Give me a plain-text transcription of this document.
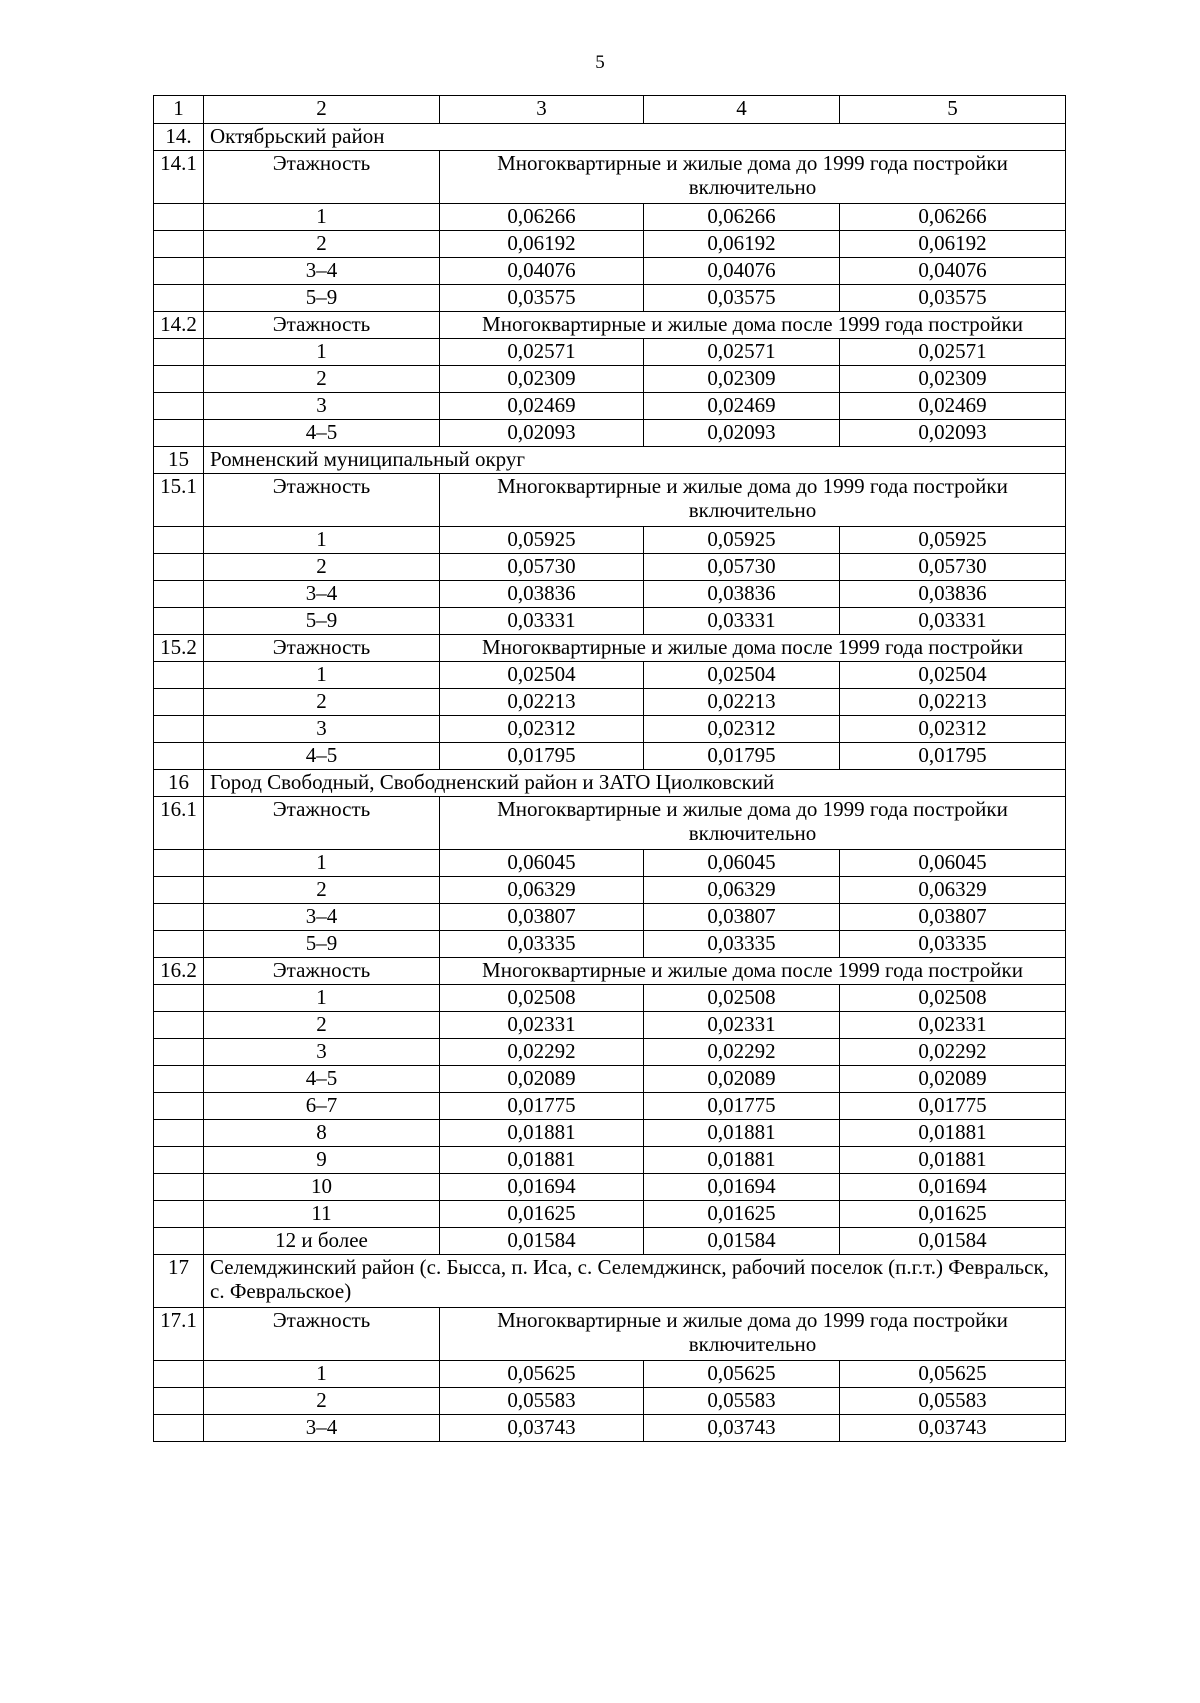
5
1	2	3	4	5
14.	Октябрьский район			
14.1	Этажность	Многоквартирные и жилые дома до 1999 года постройки включительно		
	1	0,06266	0,06266	0,06266
	2	0,06192	0,06192	0,06192
	3–4	0,04076	0,04076	0,04076
	5–9	0,03575	0,03575	0,03575
14.2	Этажность	Многоквартирные и жилые дома после 1999 года постройки		
	1	0,02571	0,02571	0,02571
	2	0,02309	0,02309	0,02309
	3	0,02469	0,02469	0,02469
	4–5	0,02093	0,02093	0,02093
15	Ромненский муниципальный округ			
15.1	Этажность	Многоквартирные и жилые дома до 1999 года постройки включительно		
	1	0,05925	0,05925	0,05925
	2	0,05730	0,05730	0,05730
	3–4	0,03836	0,03836	0,03836
	5–9	0,03331	0,03331	0,03331
15.2	Этажность	Многоквартирные и жилые дома после 1999 года постройки		
	1	0,02504	0,02504	0,02504
	2	0,02213	0,02213	0,02213
	3	0,02312	0,02312	0,02312
	4–5	0,01795	0,01795	0,01795
16	Город Свободный, Свободненский район и ЗАТО Циолковский			
16.1	Этажность	Многоквартирные и жилые дома до 1999 года постройки включительно		
	1	0,06045	0,06045	0,06045
	2	0,06329	0,06329	0,06329
	3–4	0,03807	0,03807	0,03807
	5–9	0,03335	0,03335	0,03335
16.2	Этажность	Многоквартирные и жилые дома после 1999 года постройки		
	1	0,02508	0,02508	0,02508
	2	0,02331	0,02331	0,02331
	3	0,02292	0,02292	0,02292
	4–5	0,02089	0,02089	0,02089
	6–7	0,01775	0,01775	0,01775
	8	0,01881	0,01881	0,01881
	9	0,01881	0,01881	0,01881
	10	0,01694	0,01694	0,01694
	11	0,01625	0,01625	0,01625
	12 и более	0,01584	0,01584	0,01584
17	Селемджинский район (с. Бысса, п. Иса, с. Селемджинск, рабочий поселок (п.г.т.) Февральск, с. Февральское)			
17.1	Этажность	Многоквартирные и жилые дома до 1999 года постройки включительно		
	1	0,05625	0,05625	0,05625
	2	0,05583	0,05583	0,05583
	3–4	0,03743	0,03743	0,03743
